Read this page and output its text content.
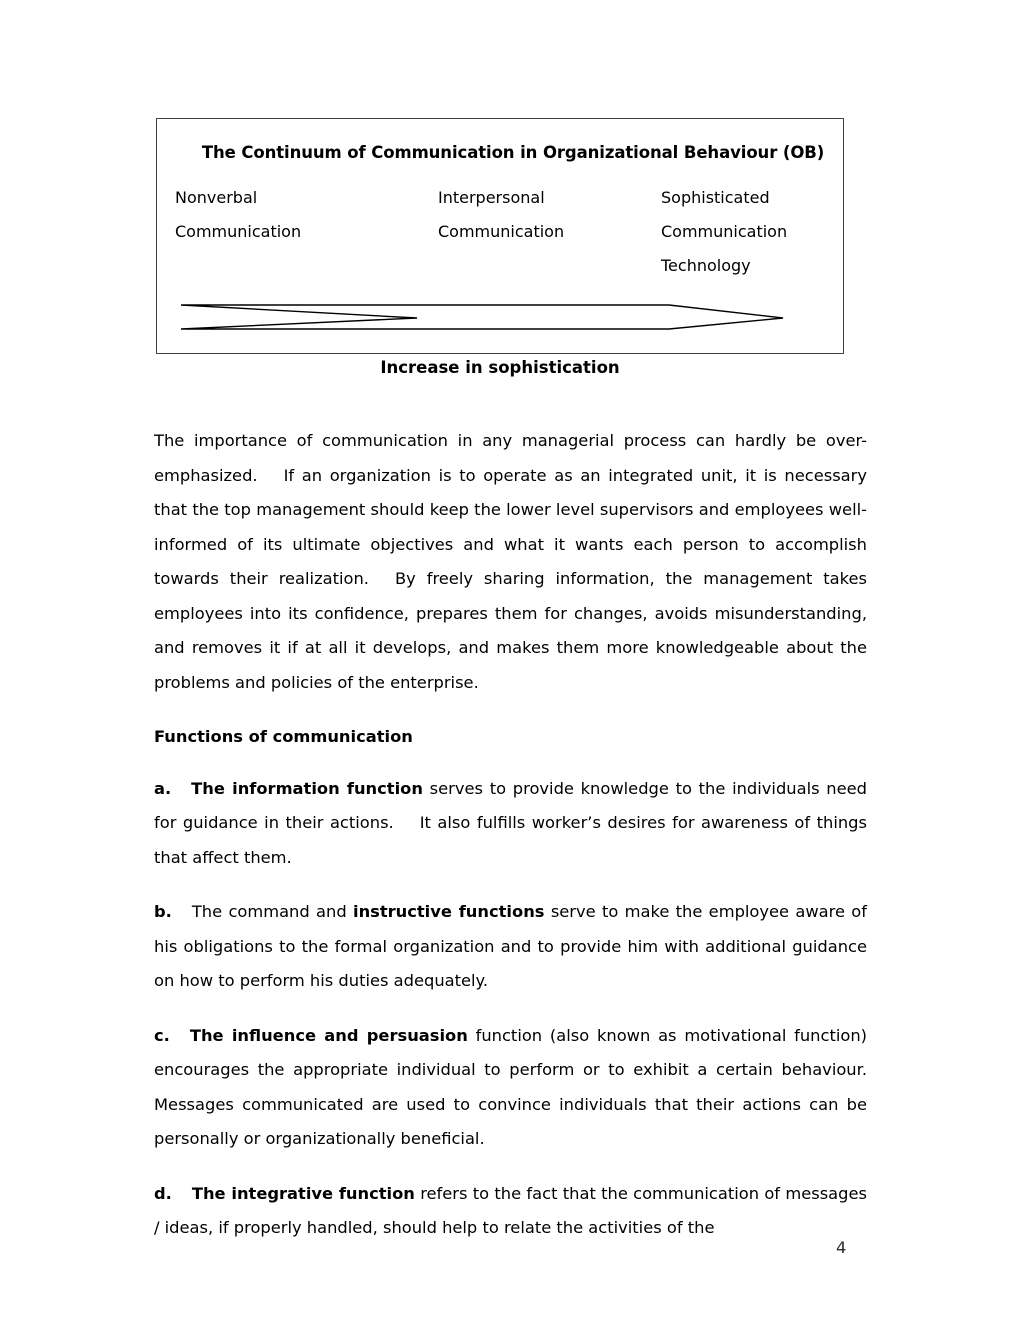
The Continuum of Communication in Organizational Behaviour (OB)
Nonverbal
Communication
Interpersonal
Communication
Sophisticated
Communication
Technology
Increase in sophistication

The importance of communication in any managerial process can hardly be over-emphasized. If an organization is to operate as an integrated unit, it is necessary that the top management should keep the lower level supervisors and employees well-informed of its ultimate objectives and what it wants each person to accomplish towards their realization. By freely sharing information, the management takes employees into its confidence, prepares them for changes, avoids misunderstanding, and removes it if at all it develops, and makes them more knowledgeable about the problems and policies of the enterprise.

Functions of communication

a. The information function serves to provide knowledge to the individuals need for guidance in their actions. It also fulfills worker’s desires for awareness of things that affect them.

b. The command and instructive functions serve to make the employee aware of his obligations to the formal organization and to provide him with additional guidance on how to perform his duties adequately.

c. The influence and persuasion function (also known as motivational function) encourages the appropriate individual to perform or to exhibit a certain behaviour. Messages communicated are used to convince individuals that their actions can be personally or organizationally beneficial.

d. The integrative function refers to the fact that the communication of messages / ideas, if properly handled, should help to relate the activities of the

4
